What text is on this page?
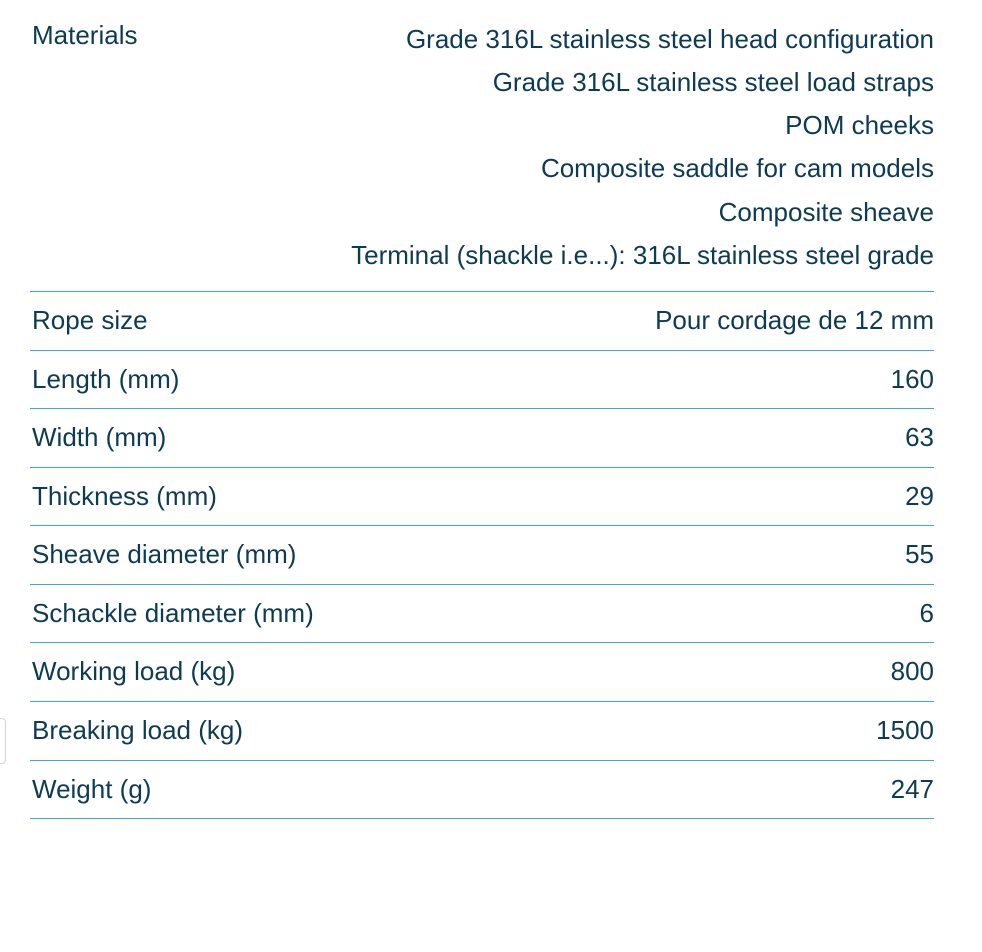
Materials	Grade 316L stainless steel head configuration
Grade 316L stainless steel load straps
POM cheeks
Composite saddle for cam models
Composite sheave
Terminal (shackle i.e...): 316L stainless steel grade
Rope size	Pour cordage de 12 mm
Length (mm)	160
Width (mm)	63
Thickness (mm)	29
Sheave diameter (mm)	55
Schackle diameter (mm)	6
Working load (kg)	800
Breaking load (kg)	1500
Weight (g)	247
